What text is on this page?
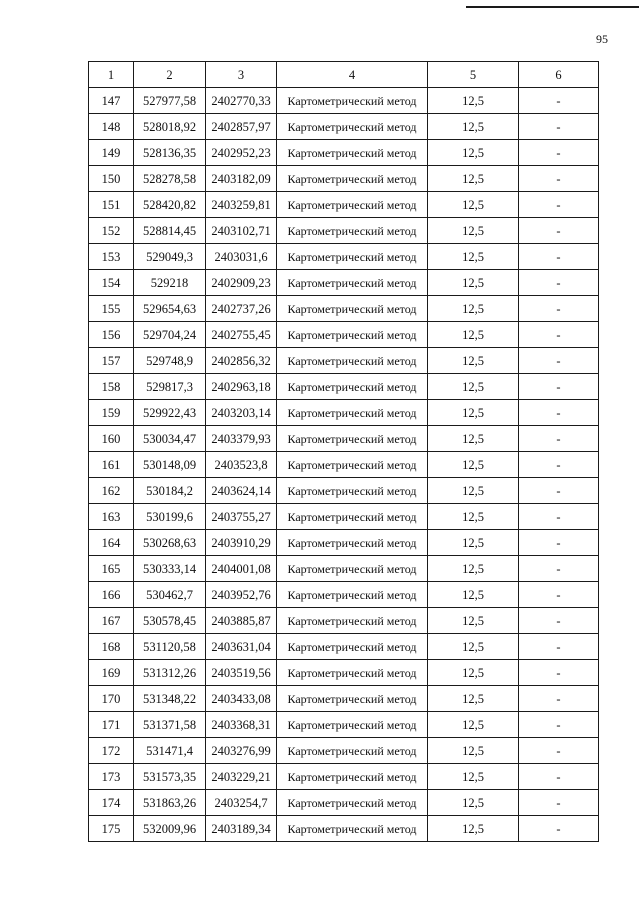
95
1	2	3	4	5	6
147	527977,58	2402770,33	Картометрический метод	12,5	-
148	528018,92	2402857,97	Картометрический метод	12,5	-
149	528136,35	2402952,23	Картометрический метод	12,5	-
150	528278,58	2403182,09	Картометрический метод	12,5	-
151	528420,82	2403259,81	Картометрический метод	12,5	-
152	528814,45	2403102,71	Картометрический метод	12,5	-
153	529049,3	2403031,6	Картометрический метод	12,5	-
154	529218	2402909,23	Картометрический метод	12,5	-
155	529654,63	2402737,26	Картометрический метод	12,5	-
156	529704,24	2402755,45	Картометрический метод	12,5	-
157	529748,9	2402856,32	Картометрический метод	12,5	-
158	529817,3	2402963,18	Картометрический метод	12,5	-
159	529922,43	2403203,14	Картометрический метод	12,5	-
160	530034,47	2403379,93	Картометрический метод	12,5	-
161	530148,09	2403523,8	Картометрический метод	12,5	-
162	530184,2	2403624,14	Картометрический метод	12,5	-
163	530199,6	2403755,27	Картометрический метод	12,5	-
164	530268,63	2403910,29	Картометрический метод	12,5	-
165	530333,14	2404001,08	Картометрический метод	12,5	-
166	530462,7	2403952,76	Картометрический метод	12,5	-
167	530578,45	2403885,87	Картометрический метод	12,5	-
168	531120,58	2403631,04	Картометрический метод	12,5	-
169	531312,26	2403519,56	Картометрический метод	12,5	-
170	531348,22	2403433,08	Картометрический метод	12,5	-
171	531371,58	2403368,31	Картометрический метод	12,5	-
172	531471,4	2403276,99	Картометрический метод	12,5	-
173	531573,35	2403229,21	Картометрический метод	12,5	-
174	531863,26	2403254,7	Картометрический метод	12,5	-
175	532009,96	2403189,34	Картометрический метод	12,5	-
